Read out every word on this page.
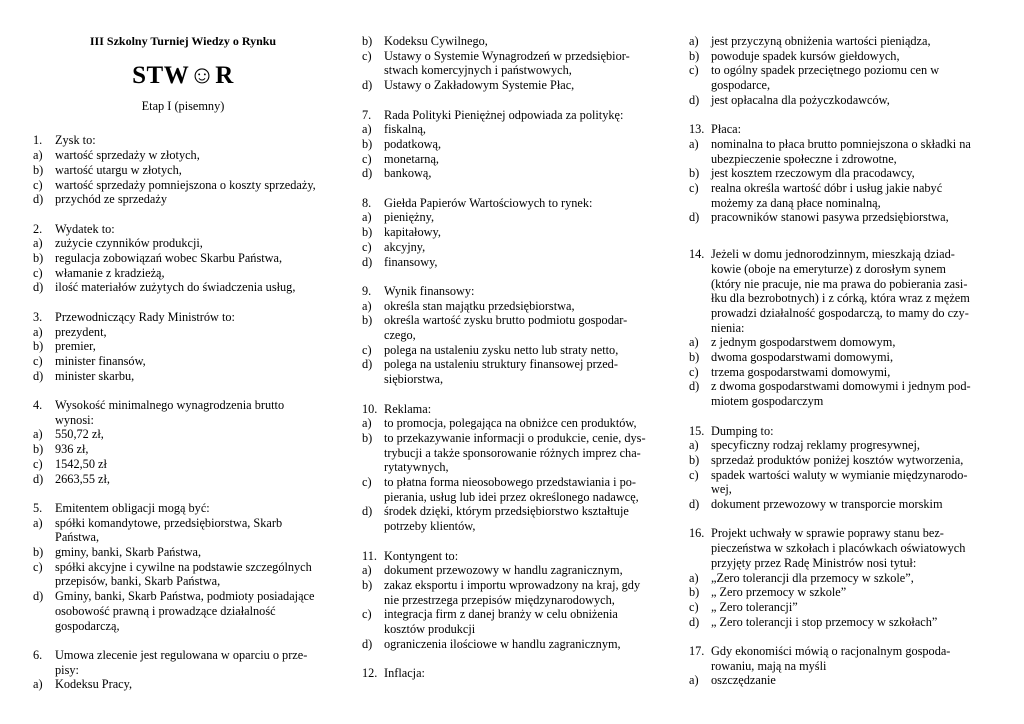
III Szkolny Turniej Wiedzy o Rynku
STW☺R
Etap I (pisemny)
1.	Zysk to:
a)	wartość sprzedaży w złotych,
b) wartość utargu w złotych,
c)	wartość sprzedaży pomniejszona o koszty sprzedaży,
d) przychód ze sprzedaży
2.	Wydatek to:
a)	zużycie czynników produkcji,
b) regulacja zobowiązań wobec Skarbu Państwa,
c)	włamanie z kradzieżą,
d) ilość materiałów zużytych do świadczenia usług,
3.	Przewodniczący Rady Ministrów to:
a)	prezydent,
b) premier,
c)	minister finansów,
d) minister skarbu,
4.	Wysokość minimalnego wynagrodzenia brutto
wynosi:
a)	550,72 zł,
b) 936 zł,
c)	1542,50 zł
d) 2663,55 zł,
5.	Emitentem obligacji mogą być:
a)	spółki komandytowe, przedsiębiorstwa, Skarb
Państwa,
b) gminy, banki, Skarb Państwa,
c)	spółki akcyjne i cywilne na podstawie szczególnych
przepisów, banki, Skarb Państwa,
d) Gminy, banki, Skarb Państwa, podmioty posiadające
osobowość prawną i prowadzące działalność
gospodarczą,
6.	Umowa zlecenie jest regulowana w oparciu o prze-
pisy:
a)	Kodeksu Pracy,
b) Kodeksu Cywilnego,
c)	Ustawy o Systemie Wynagrodzeń w przedsiębior-
stwach komercyjnych i państwowych,
d) Ustawy o Zakładowym Systemie Płac,
7.	Rada Polityki Pieniężnej odpowiada za politykę:
a)	fiskalną,
b) podatkową,
c)	monetarną,
d) bankową,
8.	Giełda Papierów Wartościowych to rynek:
a)	pieniężny,
b) kapitałowy,
c)	akcyjny,
d) finansowy,
9.	Wynik finansowy:
a)	określa stan majątku przedsiębiorstwa,
b) określa wartość zysku brutto podmiotu gospodar-
czego,
c)	polega na ustaleniu zysku netto lub straty netto,
d) polega na ustaleniu struktury finansowej przed-
siębiorstwa,
10. Reklama:
a)	to promocja, polegająca na obniżce cen produktów,
b) to przekazywanie informacji o produkcie, cenie, dys-
trybucji a także sponsorowanie różnych imprez cha-
rytatywnych,
c)	to płatna forma nieosobowego przedstawiania i po-
pierania, usług lub idei przez określonego nadawcę,
d) środek dzięki, którym przedsiębiorstwo kształtuje
potrzeby klientów,
11. Kontyngent to:
a)	dokument przewozowy w handlu zagranicznym,
b) zakaz eksportu i importu wprowadzony na kraj, gdy
nie przestrzega przepisów międzynarodowych,
c)	integracja firm z danej branży w celu obniżenia
kosztów produkcji
d) ograniczenia ilościowe w handlu zagranicznym,
12. Inflacja:
a)	jest przyczyną obniżenia wartości pieniądza,
b) powoduje spadek kursów giełdowych,
c)	to ogólny spadek przeciętnego poziomu cen w
gospodarce,
d) jest opłacalna dla pożyczkodawców,
13. Płaca:
a)	nominalna to płaca brutto pomniejszona o składki na
ubezpieczenie społeczne i zdrowotne,
b) jest kosztem rzeczowym dla pracodawcy,
c)	realna określa wartość dóbr i usług jakie nabyć
możemy za daną płace nominalną,
d) pracowników stanowi pasywa przedsiębiorstwa,
14. Jeżeli w domu jednorodzinnym, mieszkają dziad-
kowie (oboje na emeryturze) z dorosłym synem
(który nie pracuje, nie ma prawa do pobierania zasi-
łku dla bezrobotnych) i z córką, która wraz z mężem
prowadzi działalność gospodarczą, to mamy do czy-
nienia:
a)	z jednym gospodarstwem domowym,
b) dwoma gospodarstwami domowymi,
c)	trzema gospodarstwami domowymi,
d) z dwoma gospodarstwami domowymi i jednym pod-
miotem gospodarczym
15. Dumping to:
a)	specyficzny rodzaj reklamy progresywnej,
b) sprzedaż produktów poniżej kosztów wytworzenia,
c)	spadek wartości waluty w wymianie międzynarodo-
wej,
d) dokument przewozowy w transporcie morskim
16. Projekt uchwały w sprawie poprawy stanu bez-
pieczeństwa w szkołach i placówkach oświatowych
przyjęty przez Radę Ministrów nosi tytuł:
a)	„Zero tolerancji dla przemocy w szkole”,
b) „ Zero przemocy w szkole”
c)	„ Zero tolerancji”
d) „ Zero tolerancji i stop przemocy w szkołach”
17. Gdy ekonomiści mówią o racjonalnym gospoda-
rowaniu, mają na myśli
a)	oszczędzanie
